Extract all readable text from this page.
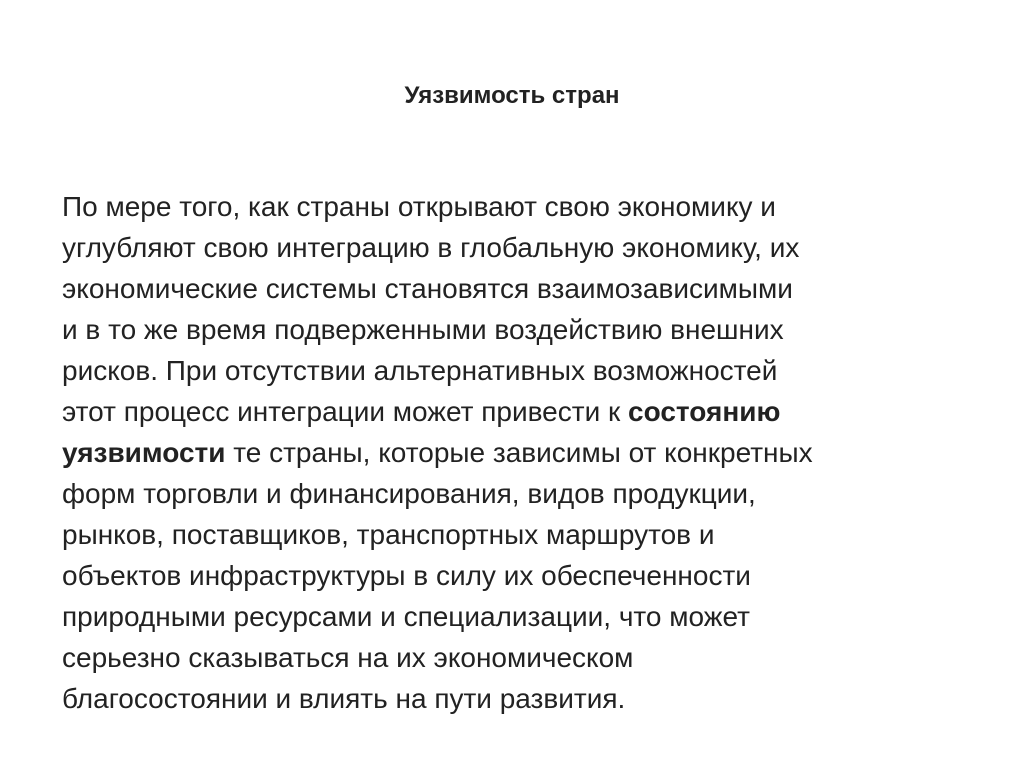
Уязвимость стран
По мере того, как страны открывают свою экономику и
углубляют свою интеграцию в глобальную экономику, их
экономические системы становятся взаимозависимыми
и в то же время подверженными воздействию внешних
рисков. При отсутствии альтернативных возможностей
этот процесс интеграции может привести к состоянию
уязвимости те страны, которые зависимы от конкретных
форм торговли и финансирования, видов продукции,
рынков, поставщиков, транспортных маршрутов и
объектов инфраструктуры в силу их обеспеченности
природными ресурсами и специализации, что может
серьезно сказываться на их экономическом
благосостоянии и влиять на пути развития.
